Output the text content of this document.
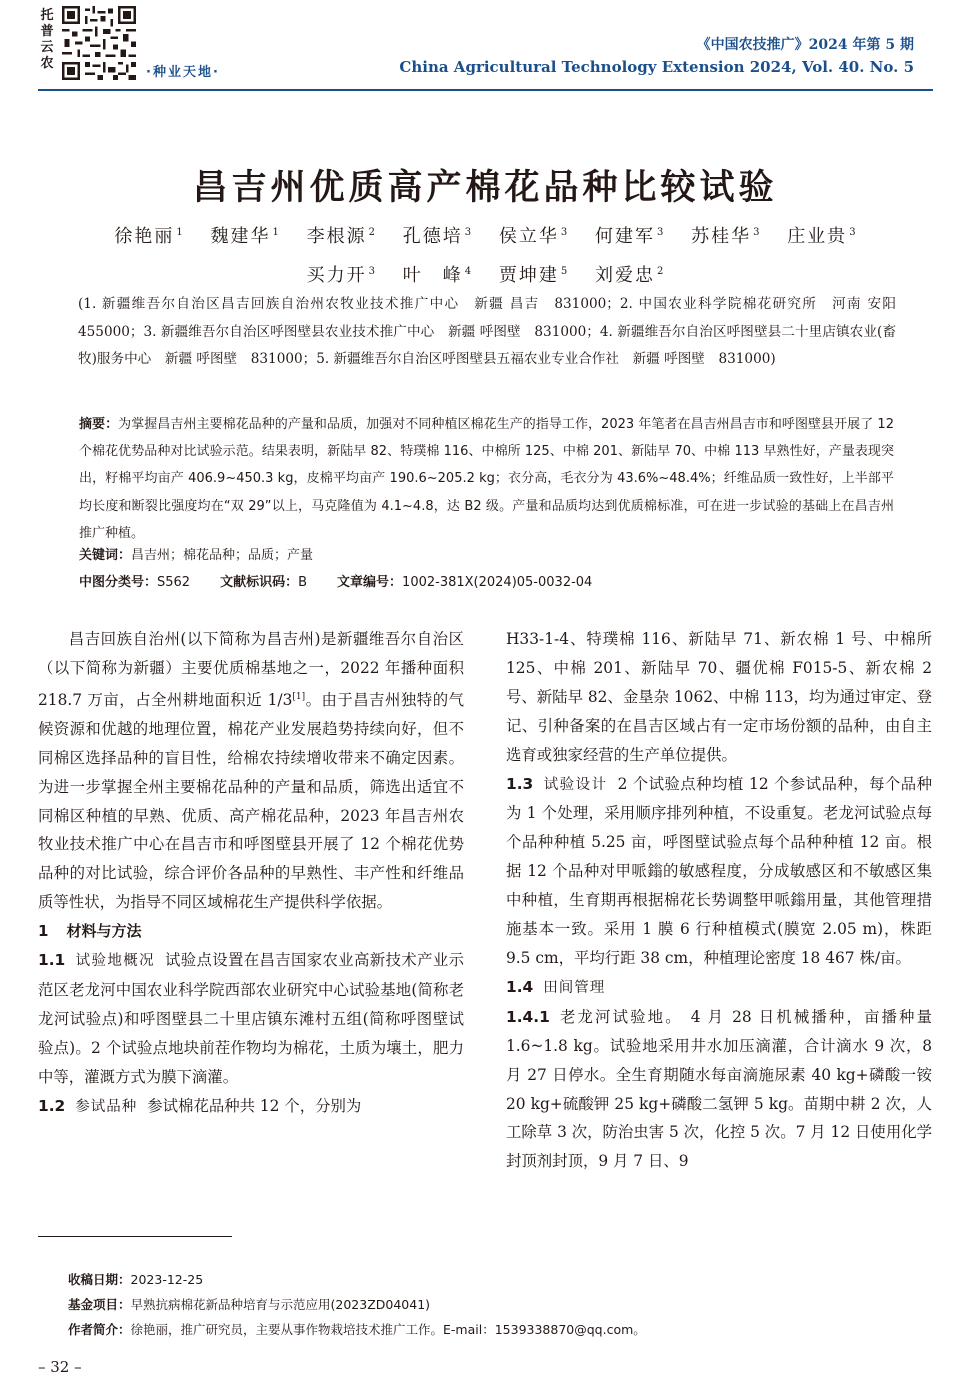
托
普
云
农
·种业天地·
《中国农技推广》2024 年第 5 期
China Agricultural Technology Extension 2024, Vol. 40. No. 5
昌吉州优质高产棉花品种比较试验
徐艳丽 $^1$ 魏建华 $^1$ 李根源 $^2$ 孔德培 $^3$ 侯立华 $^3$ 何建军 $^3$ 苏桂华 $^3$ 庄业贵 $^3$
买力开 $^3$ 叶　峰 $^4$ 贾坤建 $^5$ 刘爱忠 $^2$
(1. 新疆维吾尔自治区昌吉回族自治州农牧业技术推广中心　新疆 昌吉　831000；2. 中国农业科学院棉花研究所　河南 安阳　455000；3. 新疆维吾尔自治区呼图壁县农业技术推广中心　新疆 呼图壁　831000；4. 新疆维吾尔自治区呼图壁县二十里店镇农业(畜牧)服务中心　新疆 呼图壁　831000；5. 新疆维吾尔自治区呼图壁县五福农业专业合作社　新疆 呼图壁　831000)
摘要：为掌握昌吉州主要棉花品种的产量和品质，加强对不同种植区棉花生产的指导工作，2023 年笔者在昌吉州昌吉市和呼图壁县开展了 12 个棉花优势品种对比试验示范。结果表明，新陆早 82、特璞棉 116、中棉所 125、中棉 201、新陆早 70、中棉 113 早熟性好，产量表现突出，籽棉平均亩产 406.9~450.3 kg，皮棉平均亩产 190.6~205.2 kg；衣分高，毛衣分为 43.6%~48.4%；纤维品质一致性好，上半部平均长度和断裂比强度均在“双 29”以上，马克隆值为 4.1~4.8，达 B2 级。产量和品质均达到优质棉标准，可在进一步试验的基础上在昌吉州推广种植。
关键词：昌吉州；棉花品种；品质；产量
中图分类号：S562 文献标识码：B 文章编号：1002-381X(2024)05-0032-04

昌吉回族自治州(以下简称为昌吉州)是新疆维吾尔自治区（以下简称为新疆）主要优质棉基地之一，2022 年播种面积 218.7 万亩，占全州耕地面积近 1/3[1]。由于昌吉州独特的气候资源和优越的地理位置，棉花产业发展趋势持续向好，但不同棉区选择品种的盲目性，给棉农持续增收带来不确定因素。为进一步掌握全州主要棉花品种的产量和品质，筛选出适宜不同棉区种植的早熟、优质、高产棉花品种，2023 年昌吉州农牧业技术推广中心在昌吉市和呼图壁县开展了 12 个棉花优势品种的对比试验，综合评价各品种的早熟性、丰产性和纤维品质等性状，为指导不同区域棉花生产提供科学依据。

1 材料与方法

1.1 试验地概况 试验点设置在昌吉国家农业高新技术产业示范区老龙河中国农业科学院西部农业研究中心试验基地(简称老龙河试验点)和呼图壁县二十里店镇东滩村五组(简称呼图壁试验点)。2 个试验点地块前茬作物均为棉花，土质为壤土，肥力中等，灌溉方式为膜下滴灌。

1.2 参试品种 参试棉花品种共 12 个，分别为

H33-1-4、特璞棉 116、新陆早 71、新农棉 1 号、中棉所 125、中棉 201、新陆早 70、疆优棉 F015-5、新农棉 2 号、新陆早 82、金垦杂 1062、中棉 113，均为通过审定、登记、引种备案的在昌吉区域占有一定市场份额的品种，由自主选育或独家经营的生产单位提供。

1.3 试验设计 2 个试验点种均植 12 个参试品种，每个品种为 1 个处理，采用顺序排列种植，不设重复。老龙河试验点每个品种种植 5.25 亩，呼图壁试验点每个品种种植 12 亩。根据 12 个品种对甲哌鎓的敏感程度，分成敏感区和不敏感区集中种植，生育期再根据棉花长势调整甲哌鎓用量，其他管理措施基本一致。采用 1 膜 6 行种植模式(膜宽 2.05 m)，株距 9.5 cm，平均行距 38 cm，种植理论密度 18 467 株/亩。

1.4 田间管理

1.4.1 老龙河试验地。 4 月 28 日机械播种，亩播种量 1.6~1.8 kg。试验地采用井水加压滴灌，合计滴水 9 次，8 月 27 日停水。全生育期随水每亩滴施尿素 40 kg+磷酸一铵 20 kg+硫酸钾 25 kg+磷酸二氢钾 5 kg。苗期中耕 2 次，人工除草 3 次，防治虫害 5 次，化控 5 次。7 月 12 日使用化学封顶剂封顶，9 月 7 日、9

收稿日期：2023-12-25
基金项目：早熟抗病棉花新品种培育与示范应用(2023ZD04041)
作者简介：徐艳丽，推广研究员，主要从事作物栽培技术推广工作。E-mail：1539338870@qq.com。
– 32 –
